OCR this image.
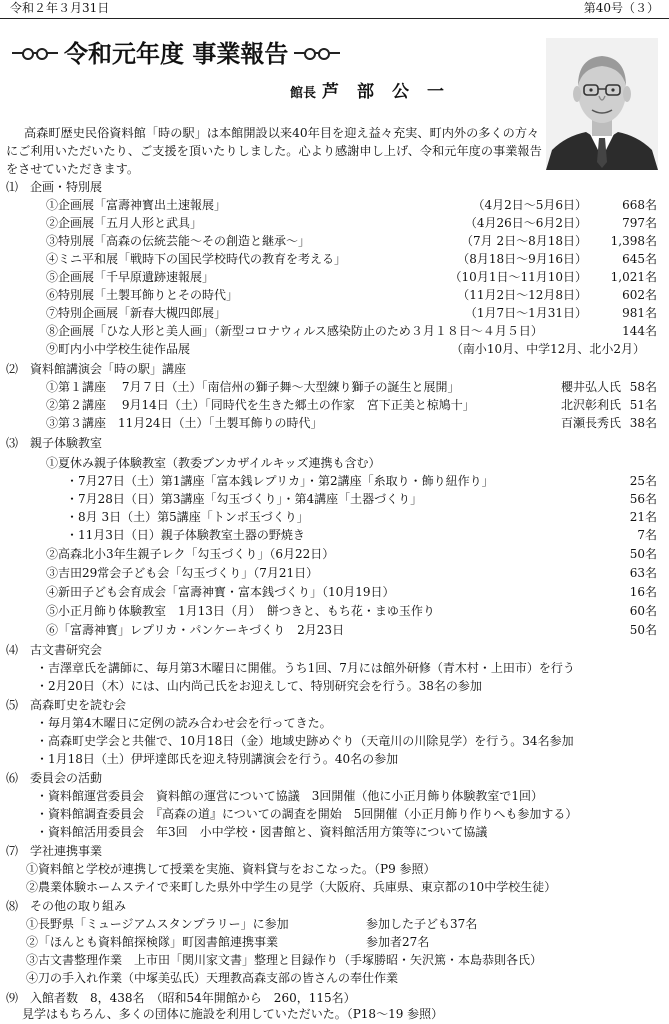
令和２年３月31日	第40号（３）
令和元年度 事業報告
館長 芦部公一
高森町歴史民俗資料館「時の駅」は本館開設以来40年目を迎え益々充実、町内外の多くの方々にご利用いただいたり、ご支援を頂いたりしました。心より感謝申し上げ、令和元年度の事業報告をさせていただきます。
⑴　企画・特別展
①企画展「富壽神寳出土速報展」	（4月2日～5月6日）	668名
②企画展「五月人形と武具」	（4月26日～6月2日）	797名
③特別展「高森の伝統芸能～その創造と継承～」	（7月 2日～8月18日） 1,398名
④ミニ平和展「戦時下の国民学校時代の教育を考える」	（8月18日～9月16日）	645名
⑤企画展「千早原遺跡速報展」	（10月1日～11月10日） 1,021名
⑥特別展「土製耳飾りとその時代」	（11月2日～12月8日）	602名
⑦特別企画展「新春大槻四郎展」	（1月7日～1月31日）	981名
⑧企画展「ひな人形と美人画」（新型コロナウィルス感染防止のため３月１８日～４月５日）	144名
⑨町内小中学校生徒作品展	（南小10月、中学12月、北小2月）
⑵　資料館講演会「時の駅」講座
①第１講座　 7月７日（土）「南信州の獅子舞～大型練り獅子の誕生と展開」	櫻井弘人氏 58名
②第２講座　 9月14日（土）「同時代を生きた郷土の作家　宮下正美と椋鳩十」	北沢彰利氏 51名
③第３講座　11月24日（土）「土製耳飾りの時代」	百瀬長秀氏 38名
⑶　親子体験教室
①夏休み親子体験教室（教委ブンカザイルキッズ連携も含む）
・7月27日（土）第1講座「富本銭レプリカ」・第2講座「糸取り・飾り紐作り」	25名
・7月28日（日）第3講座「勾玉づくり」・第4講座「土器づくり」	56名
・8月 3日（土）第5講座「トンボ玉づくり」	21名
・11月3日（日）親子体験教室土器の野焼き	7名
②高森北小3年生親子レク「勾玉づくり」（6月22日）	50名
③吉田29常会子ども会「勾玉づくり」（7月21日）	63名
④新田子ども会育成会「富壽神寳・富本銭づくり」（10月19日）	16名
⑤小正月飾り体験教室　1月13日（月）　餅つきと、もち花・まゆ玉作り	60名
⑥「富壽神寳」レプリカ・パンケーキづくり　2月23日	50名
⑷　古文書研究会
・吉澤章氏を講師に、毎月第3木曜日に開催。うち1回、7月には館外研修（青木村・上田市）を行う
・2月20日（木）には、山内尚己氏をお迎えして、特別研究会を行う。38名の参加
⑸　高森町史を読む会
・毎月第4木曜日に定例の読み合わせ会を行ってきた。
・高森町史学会と共催で、10月18日（金）地域史跡めぐり（天竜川の川除見学）を行う。34名参加
・1月18日（土）伊坪達郎氏を迎え特別講演会を行う。40名の参加
⑹　委員会の活動
・資料館運営委員会　資料館の運営について協議　3回開催（他に小正月飾り体験教室で1回）
・資料館調査委員会　『高森の道』についての調査を開始　5回開催（小正月飾り作りへも参加する）
・資料館活用委員会　年3回　小中学校・図書館と、資料館活用方策等について協議
⑺　学社連携事業
①資料館と学校が連携して授業を実施、資料貸与をおこなった。（P9 参照）
②農業体験ホームステイで来町した県外中学生の見学（大阪府、兵庫県、東京都の10中学校生徒）
⑻　その他の取り組み
①長野県「ミュージアムスタンプラリー」に参加	参加した子ども37名
②「ほんとも資料館探検隊」町図書館連携事業	参加者27名
③古文書整理作業　上市田「関川家文書」整理と目録作り（手塚勝昭・矢沢篤・本島恭則各氏）
④刀の手入れ作業（中塚美弘氏）天理教高森支部の皆さんの奉仕作業
⑼　入館者数　8，438名　（昭和54年開館から　260，115名）
見学はもちろん、多くの団体に施設を利用していただいた。（P18～19 参照）
